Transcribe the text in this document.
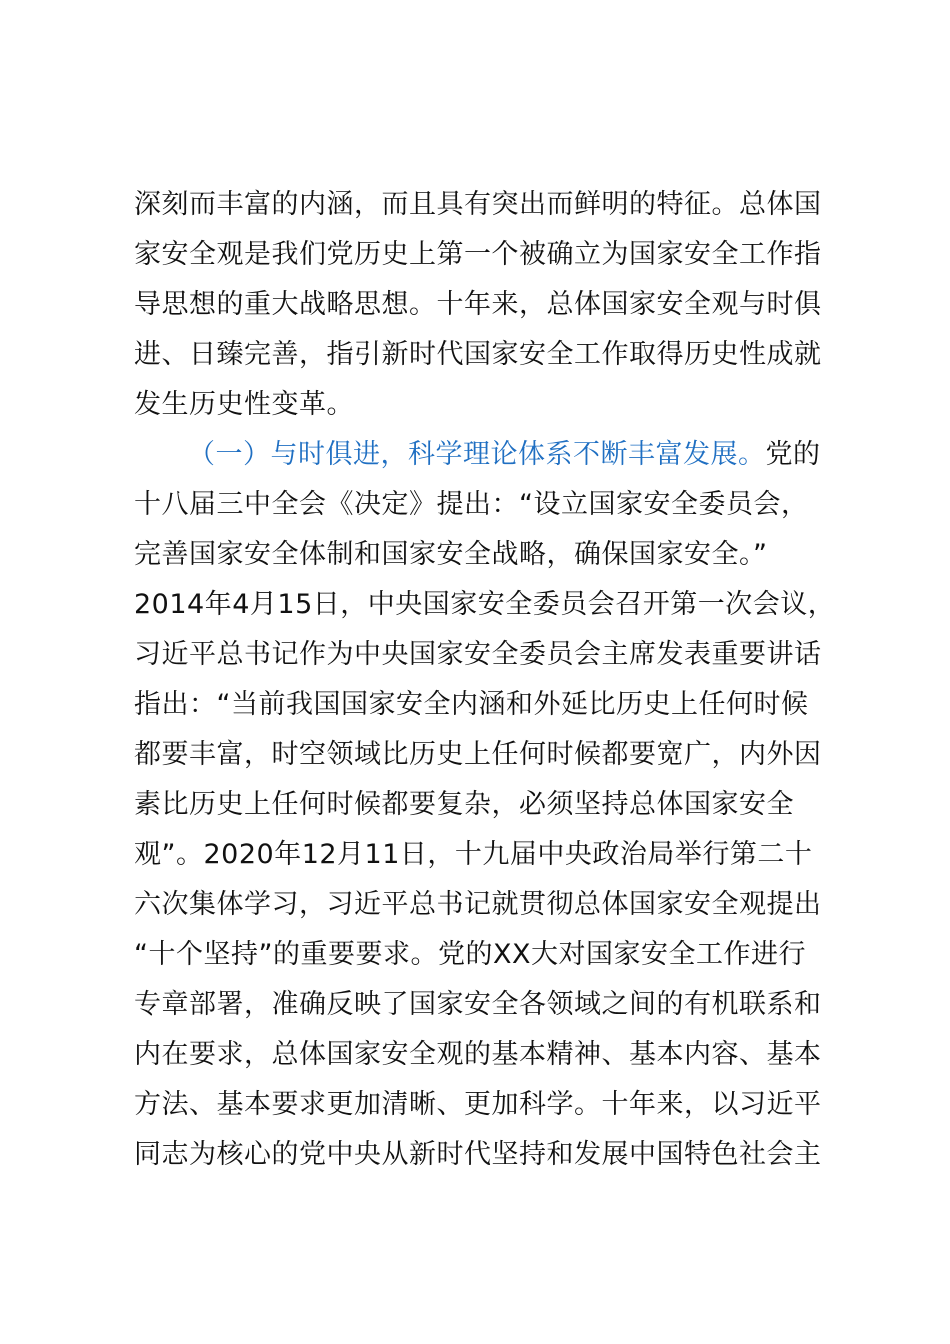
深刻而丰富的内涵，而且具有突出而鲜明的特征。总体国
家安全观是我们党历史上第一个被确立为国家安全工作指
导思想的重大战略思想。十年来，总体国家安全观与时俱
进、日臻完善，指引新时代国家安全工作取得历史性成就
发生历史性变革。
（一）与时俱进，科学理论体系不断丰富发展。党的
十八届三中全会《决定》提出：“设立国家安全委员会，
完善国家安全体制和国家安全战略，确保国家安全。”
2014年4月15日，中央国家安全委员会召开第一次会议，
习近平总书记作为中央国家安全委员会主席发表重要讲话
指出：“当前我国国家安全内涵和外延比历史上任何时候
都要丰富，时空领域比历史上任何时候都要宽广，内外因
素比历史上任何时候都要复杂，必须坚持总体国家安全
观”。2020年12月11日，十九届中央政治局举行第二十
六次集体学习，习近平总书记就贯彻总体国家安全观提出
“十个坚持”的重要要求。党的XX大对国家安全工作进行
专章部署，准确反映了国家安全各领域之间的有机联系和
内在要求，总体国家安全观的基本精神、基本内容、基本
方法、基本要求更加清晰、更加科学。十年来，以习近平
同志为核心的党中央从新时代坚持和发展中国特色社会主
